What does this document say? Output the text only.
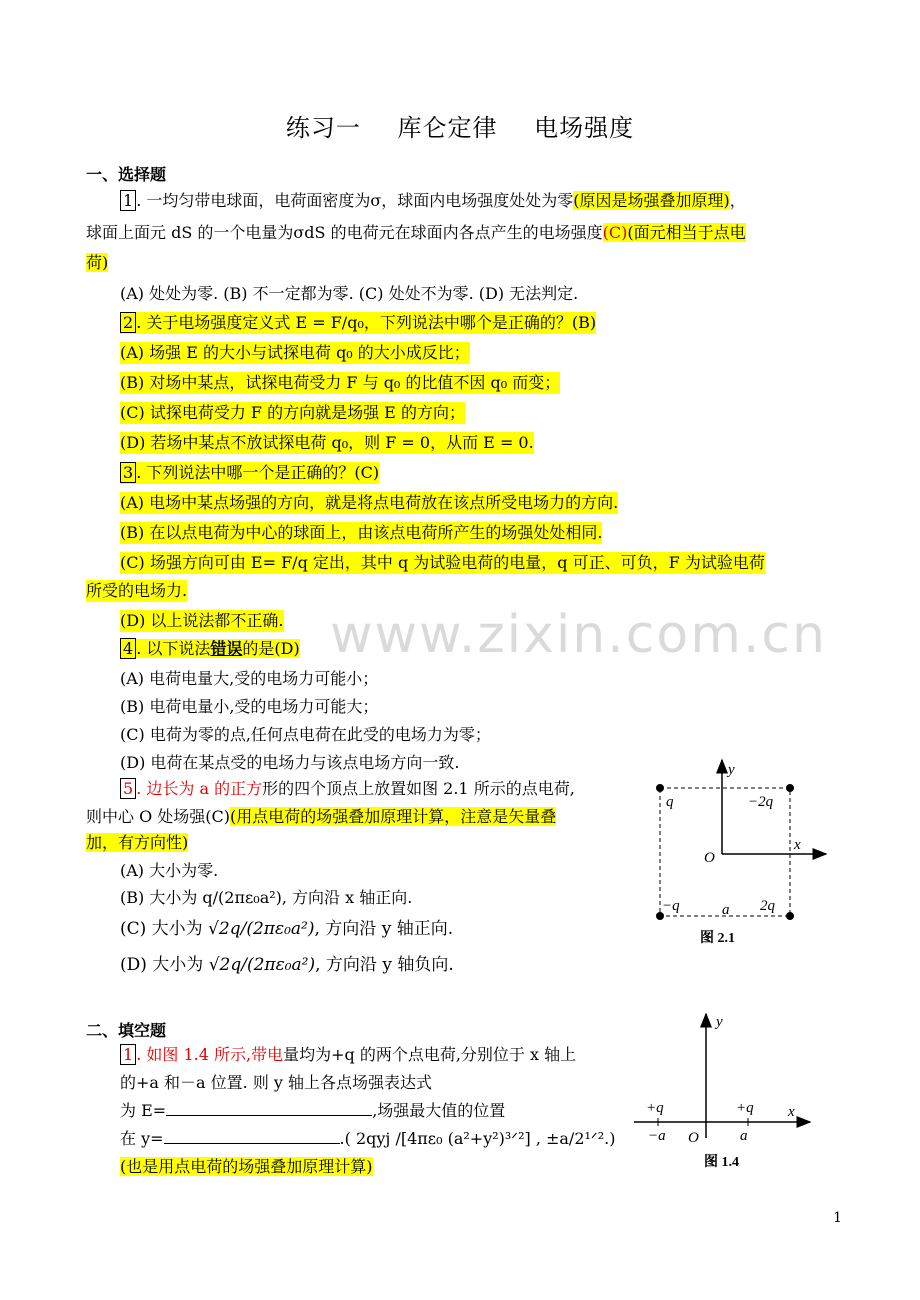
练习一 库仑定律 电场强度
一、选择题
1 . 一均匀带电球面，电荷面密度为σ，球面内电场强度处处为零(原因是场强叠加原理)，
球面上面元 dS 的一个电量为σdS 的电荷元在球面内各点产生的电场强度(C)(面元相当于点电
荷)
(A) 处处为零. (B) 不一定都为零. (C) 处处不为零. (D) 无法判定.
2 . 关于电场强度定义式 E = F/q₀，下列说法中哪个是正确的？(B)
(A) 场强 E 的大小与试探电荷 q₀ 的大小成反比；
(B) 对场中某点，试探电荷受力 F 与 q₀ 的比值不因 q₀ 而变；
(C) 试探电荷受力 F 的方向就是场强 E 的方向；
(D) 若场中某点不放试探电荷 q₀，则 F = 0，从而 E = 0.
3 . 下列说法中哪一个是正确的？(C)
(A) 电场中某点场强的方向，就是将点电荷放在该点所受电场力的方向.
(B) 在以点电荷为中心的球面上，由该点电荷所产生的场强处处相同.
(C) 场强方向可由 E= F/q 定出，其中 q 为试验电荷的电量，q 可正、可负，F 为试验电荷
所受的电场力.
(D) 以上说法都不正确.
4 . 以下说法错误的是(D)
(A) 电荷电量大,受的电场力可能小；
(B) 电荷电量小,受的电场力可能大；
(C) 电荷为零的点,任何点电荷在此受的电场力为零；
(D) 电荷在某点受的电场力与该点电场方向一致.
5 . 边长为 a 的正方形的四个顶点上放置如图 2.1 所示的点电荷,
则中心 O 处场强(C)(用点电荷的场强叠加原理计算，注意是矢量叠
加，有方向性)
(A) 大小为零.
(B) 大小为 q/(2πε₀a²), 方向沿 x 轴正向.
(C) 大小为 √2q/(2πε₀a²), 方向沿 y 轴正向.
(D) 大小为 √2q/(2πε₀a²), 方向沿 y 轴负向.
y
x
O
q	−2q
−q	2q
a
图 2.1
二、填空题
1 . 如图 1.4 所示,带电量均为+q 的两个点电荷,分别位于 x 轴上
的+a 和－a 位置. 则 y 轴上各点场强表达式
为 E=	,场强最大值的位置
在 y=	.( 2qyj /[4πε₀ (a²+y²)³ᐟ²] , ±a/2¹ᐟ².)
(也是用点电荷的场强叠加原理计算)
y
x
O
+q	+q
−a	a
图 1.4
www.zixin.com.cn
1
